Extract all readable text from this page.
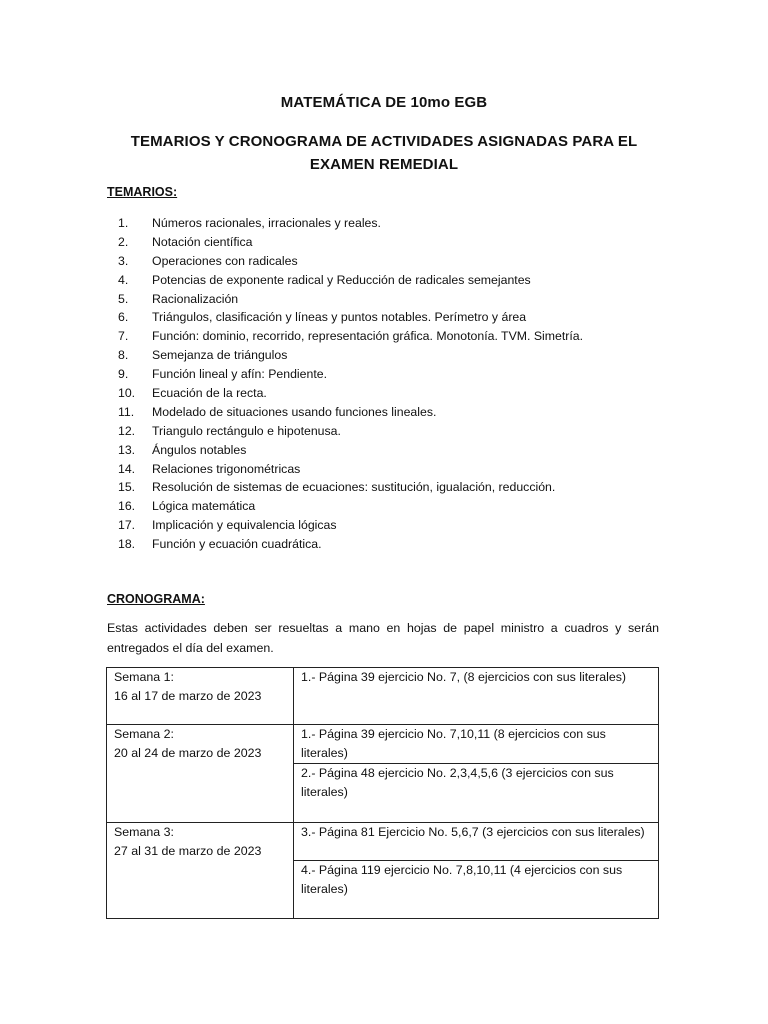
MATEMÁTICA DE 10mo EGB
TEMARIOS Y CRONOGRAMA DE ACTIVIDADES ASIGNADAS PARA EL
EXAMEN REMEDIAL
TEMARIOS:
1. Números racionales, irracionales y reales.
2. Notación científica
3. Operaciones con radicales
4. Potencias de exponente radical y Reducción de radicales semejantes
5. Racionalización
6. Triángulos, clasificación y líneas y puntos notables. Perímetro y área
7. Función: dominio, recorrido, representación gráfica. Monotonía. TVM. Simetría.
8. Semejanza de triángulos
9. Función lineal y afín: Pendiente.
10. Ecuación de la recta.
11. Modelado de situaciones usando funciones lineales.
12. Triangulo rectángulo e hipotenusa.
13. Ángulos notables
14. Relaciones trigonométricas
15. Resolución de sistemas de ecuaciones: sustitución, igualación, reducción.
16. Lógica matemática
17. Implicación y equivalencia lógicas
18. Función y ecuación cuadrática.
CRONOGRAMA:
Estas actividades deben ser resueltas a mano en hojas de papel ministro a cuadros y serán entregados el día del examen.
Semana 1:
16 al 17 de marzo de 2023	1.- Página 39 ejercicio No. 7, (8 ejercicios con sus literales)

Semana 2:
20 al 24 de marzo de 2023	1.- Página 39 ejercicio No. 7,10,11 (8 ejercicios con sus literales)
	2.- Página 48 ejercicio No. 2,3,4,5,6 (3 ejercicios con sus literales)

Semana 3:
27 al 31 de marzo de 2023	3.- Página 81 Ejercicio No. 5,6,7 (3 ejercicios con sus literales)
	4.- Página 119 ejercicio No. 7,8,10,11 (4 ejercicios con sus literales)
